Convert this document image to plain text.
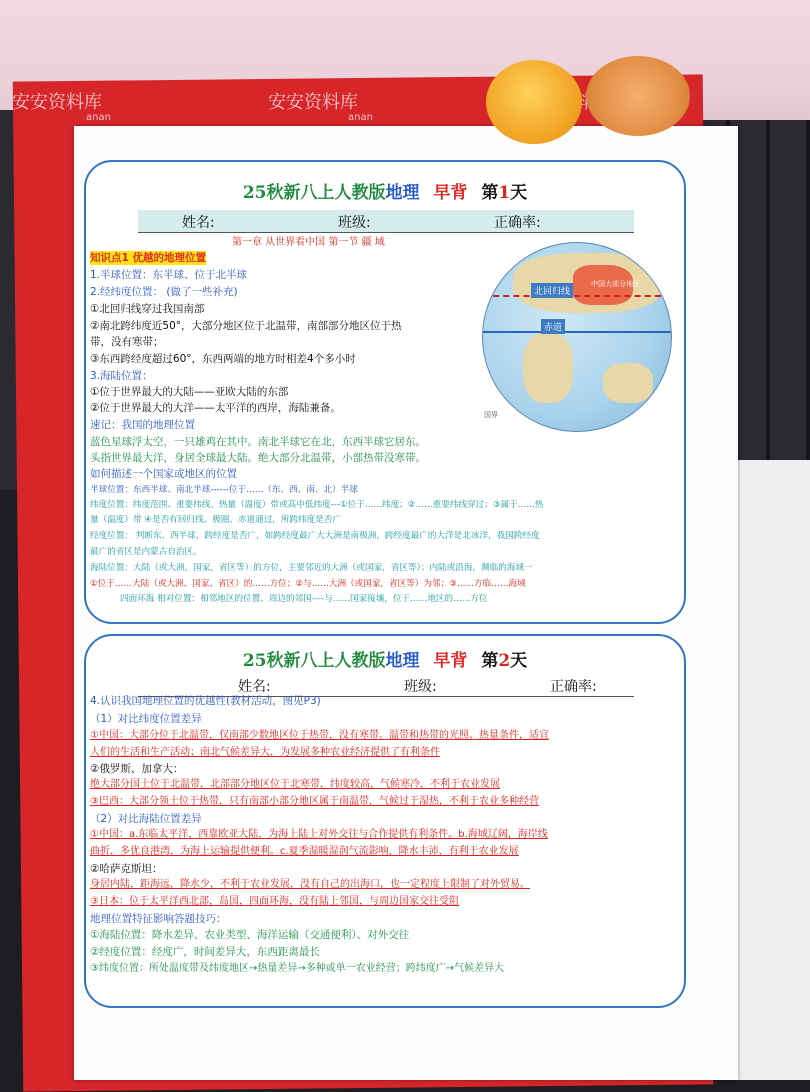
安安资料库	安安资料库
anan	anan
25秋新八上人教版地理 早背 第1天
姓名:	班级:	正确率:
第一章 从世界看中国 第一节 疆 域
知识点1 优越的地理位置
1.半球位置：东半球、位于北半球
2.经纬度位置： (做了一些补充)
①北回归线穿过我国南部
②南北跨纬度近50°，大部分地区位于北温带，南部部分地区位于热
带，没有寒带；
③东西跨经度超过60°，东西两端的地方时相差4个多小时
3.海陆位置：
①位于世界最大的大陆——亚欧大陆的东部
②位于世界最大的大洋——太平洋的西岸，海陆兼备。
速记：我国的地理位置
蓝色星球浮太空，一只雄鸡在其中。南北半球它在北，东西半球它居东。
头指世界最大洋，身居全球最大陆。绝大部分北温带，小部热带没寒带。
如何描述一个国家或地区的位置
半球位置：东西半球、南北半球------位于……（东、西、南、北）半球
纬度位置：纬度范围、重要纬线、热量（温度）带或高中低纬度---①位于……纬度；②……重要纬线穿过；③属于……热
量（温度）带 ④是否有回归线、极圈、赤道通过，所跨纬度是否广
经度位置： 判断东、西半球，跨经度是否广，如跨经度最广大大洲是南极洲，跨经度最广的大洋是北冰洋，我国跨经度
最广的省区是内蒙古自治区。
海陆位置：大陆（或大洲，国家，省区等）的方位，主要邻近的大洲（或国家，省区等）；内陆或沿海，濒临的海域一
①位于……大陆（或大洲、国家、省区）的……方位；②与……大洲（或国家，省区等）为邻；③……方临……海域
四面环海 相对位置：相邻地区的位置、周边的邻国----与……国家接壤，位于……地区的……方位
北回归线
赤道
中国大部分地区
国界
25秋新八上人教版地理 早背 第2天
姓名:	班级:	正确率:
4.认识我国地理位置的优越性(教材活动，图见P3)
（1）对比纬度位置差异
①中国：大部分位于北温带，仅南部少数地区位于热带，没有寒带。温带和热带的光照、热量条件，适宜
人们的生活和生产活动；南北气候差异大，为发展多种农业经济提供了有利条件
②俄罗斯、加拿大：
绝大部分国土位于北温带，北部部分地区位于北寒带，纬度较高，气候寒冷，不利于农业发展
③巴西：大部分领土位于热带，只有南部小部分地区属于南温带，气候过于湿热，不利于农业多种经营
（2）对比海陆位置差异
①中国：a.东临太平洋，西靠欧亚大陆，为海上陆上对外交往与合作提供有利条件。b.海域辽阔，海岸线
曲折，多优良港湾，为海上运输提供便利。c.夏季湿暖湿润气流影响，降水丰沛，有利于农业发展
②哈萨克斯坦：
身居内陆，距海远，降水少，不利于农业发展，没有自己的出海口，也一定程度上限制了对外贸易。
③日本：位于太平洋西北部，岛国，四面环海，没有陆上邻国，与周边国家交往受阻
地理位置特征影响答题技巧：
①海陆位置：降水差异、农业类型、海洋运输（交通便利）、对外交往
②经度位置：经度广，时间差异大，东西距离最长
③纬度位置：所处温度带及纬度地区→热量差异→多种或单一农业经营；跨纬度广→气候差异大
